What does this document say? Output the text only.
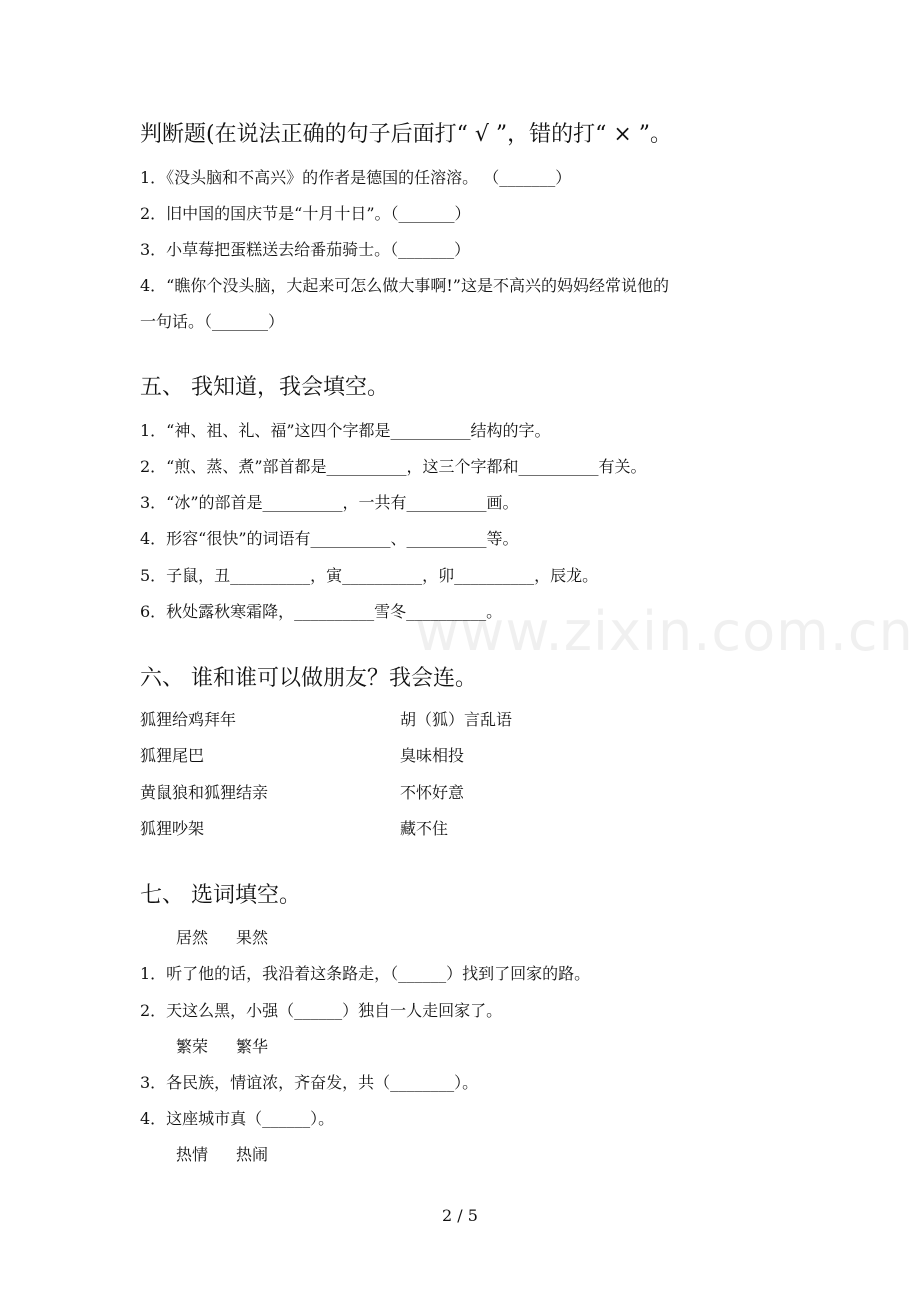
www.zixin.com.cn
判断题(在说法正确的句子后面打“ √ ”，错的打“ × ”。
1．《没头脑和不高兴》的作者是德国的任溶溶。 （_______）
2．旧中国的国庆节是“十月十日”。（_______）
3．小草莓把蛋糕送去给番茄骑士。（_______）
4．“瞧你个没头脑，大起来可怎么做大事啊!”这是不高兴的妈妈经常说他的
一句话。（_______）
五、 我知道，我会填空。
1．“神、祖、礼、福”这四个字都是__________结构的字。
2．“煎、蒸、煮”部首都是__________，这三个字都和__________有关。
3．“冰”的部首是__________，一共有__________画。
4．形容“很快”的词语有__________、__________等。
5．子鼠，丑__________，寅__________，卯__________，辰龙。
6．秋处露秋寒霜降，__________雪冬__________。
六、 谁和谁可以做朋友？我会连。
狐狸给鸡拜年	胡（狐）言乱语
狐狸尾巴	臭味相投
黄鼠狼和狐狸结亲	不怀好意
狐狸吵架	藏不住
七、 选词填空。
居然 果然
1．听了他的话，我沿着这条路走，（______）找到了回家的路。
2．天这么黑，小强（______）独自一人走回家了。
繁荣 繁华
3．各民族，情谊浓，齐奋发，共（________）。
4．这座城市真（______）。
热情 热闹
2 / 5
